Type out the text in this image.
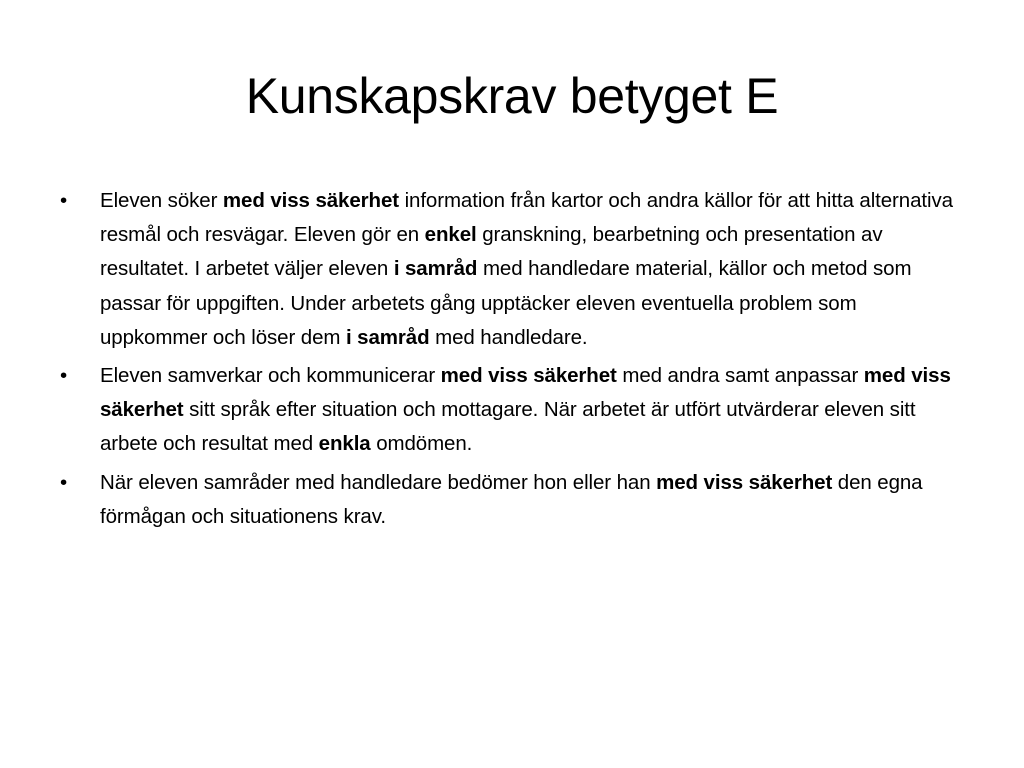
Kunskapskrav betyget E
•	Eleven söker med viss säkerhet information från kartor och andra källor för att hitta alternativa resmål och resvägar. Eleven gör en enkel granskning, bearbetning och presentation av resultatet. I arbetet väljer eleven i samråd med handledare material, källor och metod som passar för uppgiften. Under arbetets gång upptäcker eleven eventuella problem som uppkommer och löser dem i samråd med handledare.
•	Eleven samverkar och kommunicerar med viss säkerhet med andra samt anpassar med viss säkerhet sitt språk efter situation och mottagare. När arbetet är utfört utvärderar eleven sitt arbete och resultat med enkla omdömen.
•	När eleven samråder med handledare bedömer hon eller han med viss säkerhet den egna förmågan och situationens krav.
